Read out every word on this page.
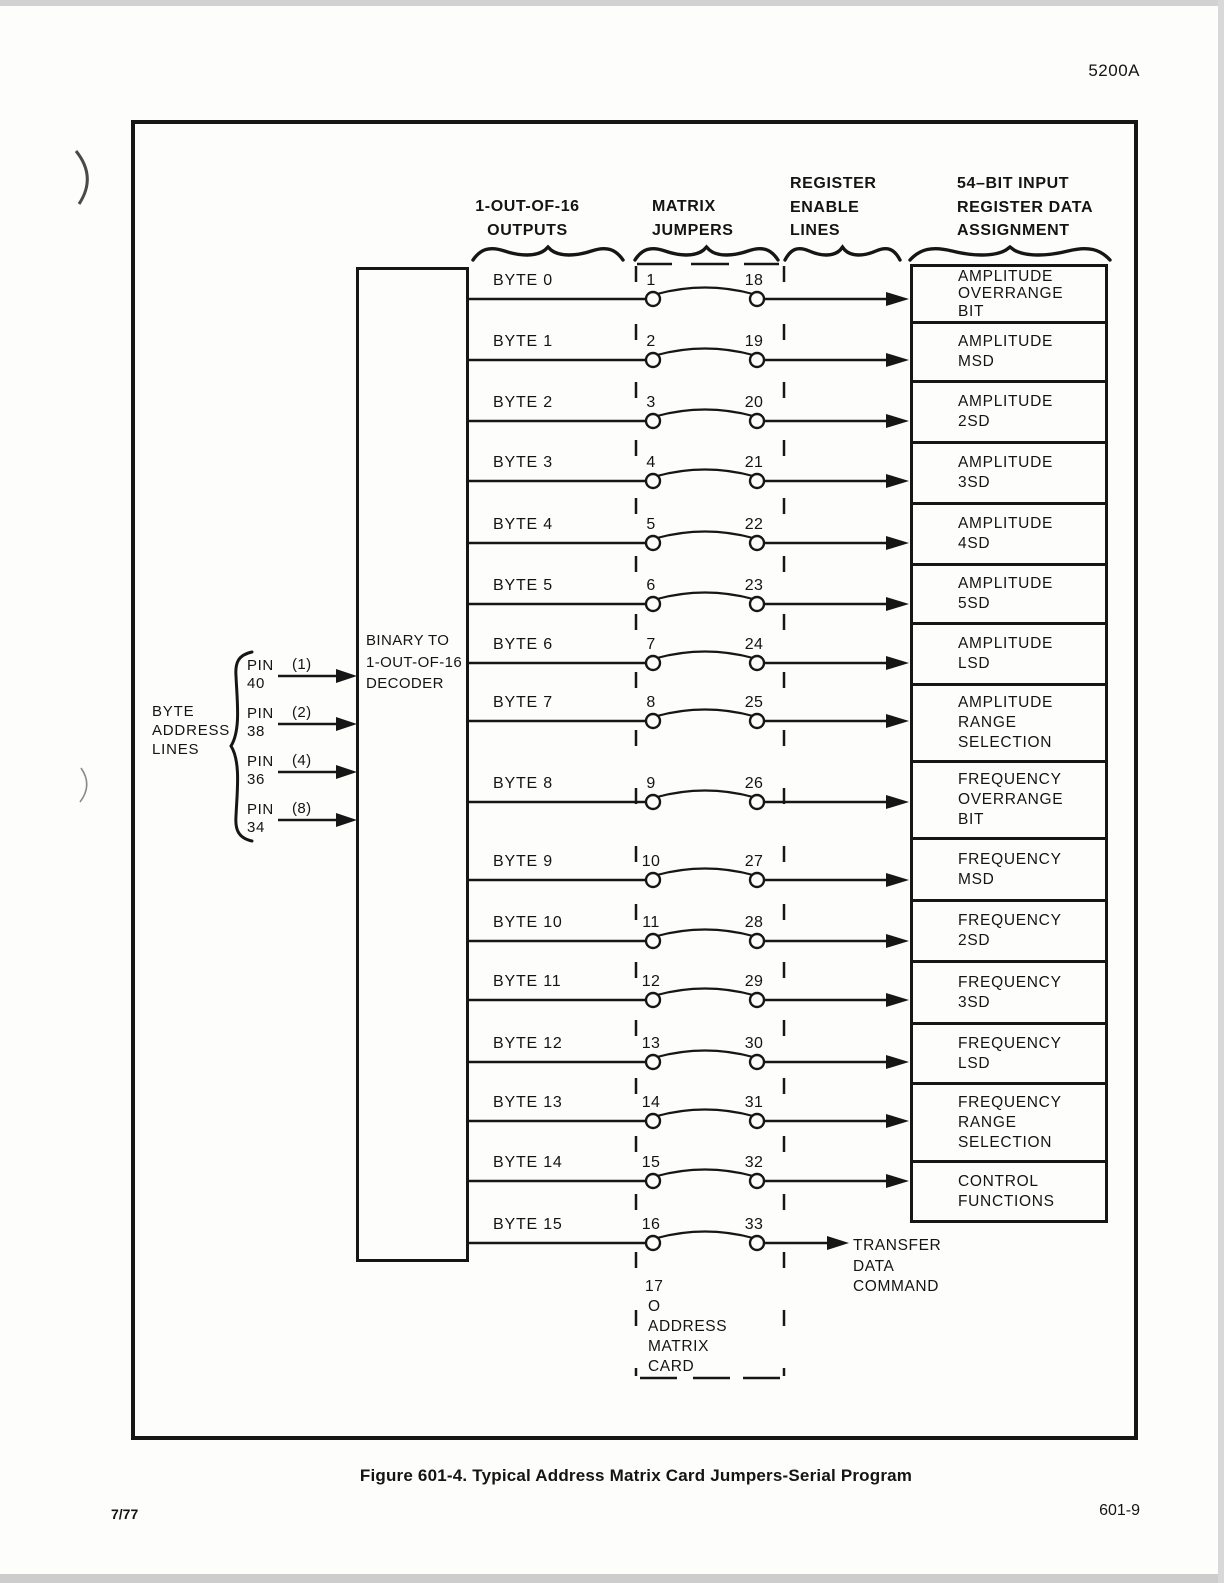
5200A
1-OUT-OF-16
OUTPUTS
MATRIX
JUMPERS
REGISTER
ENABLE
LINES
54–BIT INPUT
REGISTER DATA
ASSIGNMENT
BYTE
ADDRESS
LINES
PIN
40
(1)
PIN
38
(2)
PIN
36
(4)
PIN
34
(8)
BINARY TO
1-OUT-OF-16
DECODER
BYTE 0	1	18
BYTE 1	2	19
BYTE 2	3	20
BYTE 3	4	21
BYTE 4	5	22
BYTE 5	6	23
BYTE 6	7	24
BYTE 7	8	25
BYTE 8	9	26
BYTE 9	10	27
BYTE 10	11	28
BYTE 11	12	29
BYTE 12	13	30
BYTE 13	14	31
BYTE 14	15	32
BYTE 15	16	33
AMPLITUDE
OVERRANGE
BIT
AMPLITUDE
MSD
AMPLITUDE
2SD
AMPLITUDE
3SD
AMPLITUDE
4SD
AMPLITUDE
5SD
AMPLITUDE
LSD
AMPLITUDE
RANGE
SELECTION
FREQUENCY
OVERRANGE
BIT
FREQUENCY
MSD
FREQUENCY
2SD
FREQUENCY
3SD
FREQUENCY
LSD
FREQUENCY
RANGE
SELECTION
CONTROL
FUNCTIONS
TRANSFER
DATA
COMMAND
17
O
ADDRESS
MATRIX
CARD
Figure 601-4. Typical Address Matrix Card Jumpers-Serial Program
7/77	601-9
